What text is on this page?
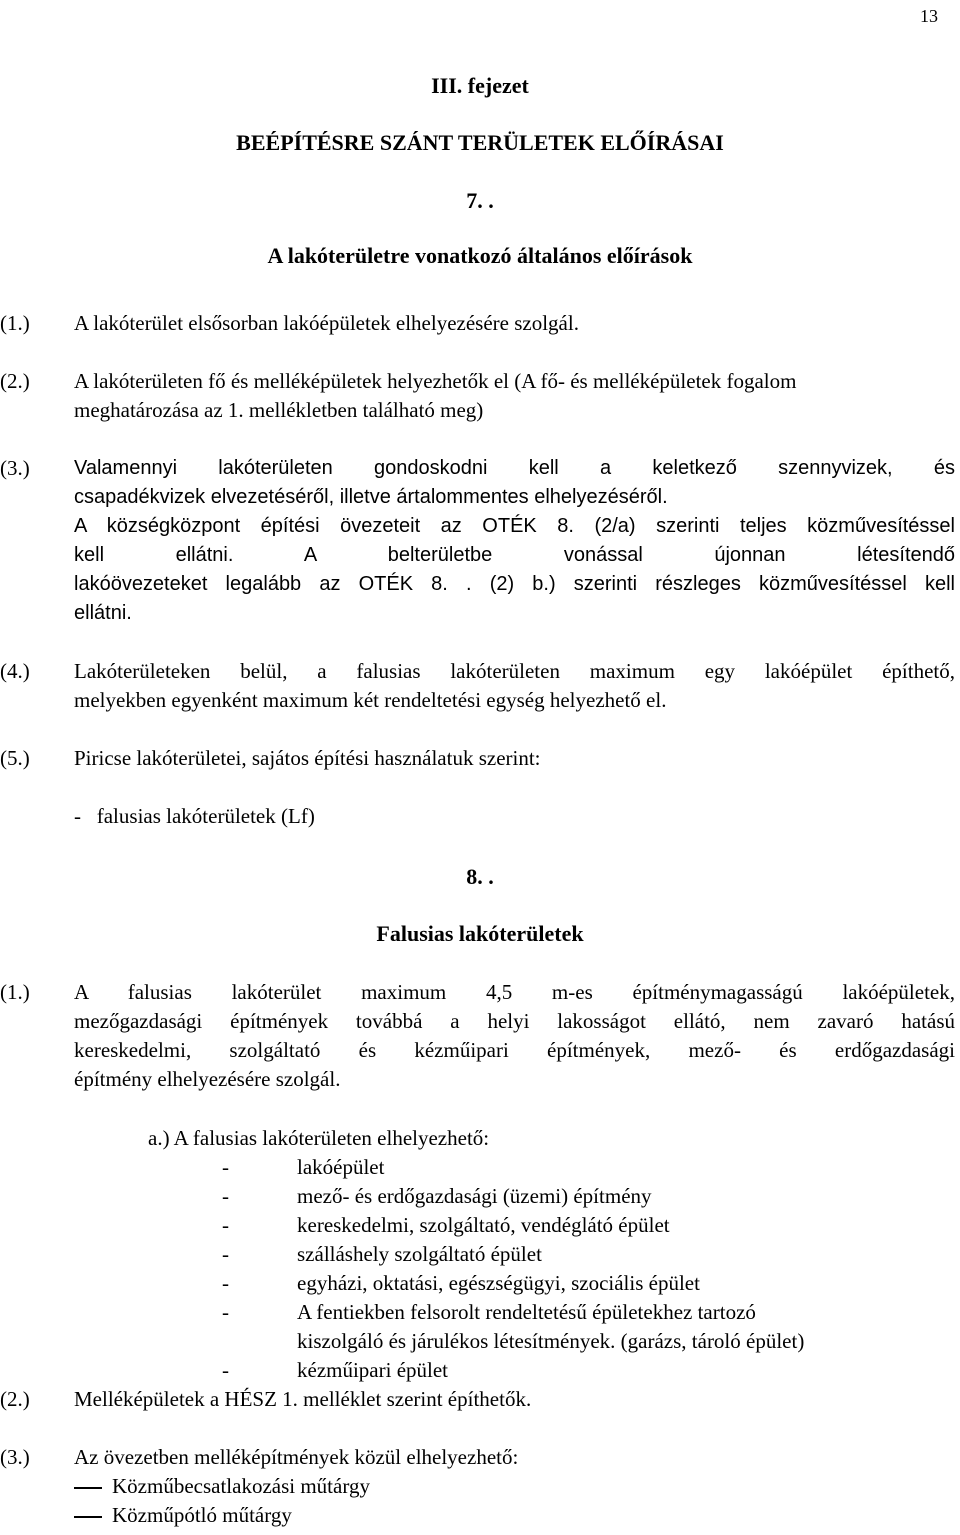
13
III. fejezet
BEÉPÍTÉSRE SZÁNT TERÜLETEK ELŐÍRÁSAI
7. .
A lakóterületre vonatkozó általános előírások
(1.) A lakóterület elsősorban lakóépületek elhelyezésére szolgál.
(2.) A lakóterületen fő és melléképületek helyezhetők el (A fő- és melléképületek fogalom
meghatározása az 1. mellékletben található meg)
(3.) Valamennyi lakóterületen gondoskodni kell a keletkező szennyvizek, és
csapadékvizek elvezetéséről, illetve ártalommentes elhelyezéséről.
A községközpont építési övezeteit az OTÉK 8. (2/a) szerinti teljes közművesítéssel
kell ellátni. A belterületbe vonással újonnan létesítendő
lakóövezeteket legalább az OTÉK 8. . (2) b.) szerinti részleges közművesítéssel kell
ellátni.
(4.) Lakóterületeken belül, a falusias lakóterületen maximum egy lakóépület építhető,
melyekben egyenként maximum két rendeltetési egység helyezhető el.
(5.) Piricse lakóterületei, sajátos építési használatuk szerint:
-   falusias lakóterületek (Lf)
8. .
Falusias lakóterületek
(1.) A falusias lakóterület maximum 4,5 m-es építménymagasságú lakóépületek,
mezőgazdasági építmények továbbá a helyi lakosságot ellátó, nem zavaró hatású
kereskedelmi, szolgáltató és kézműipari építmények, mező- és erdőgazdasági
építmény elhelyezésére szolgál.
a.) A falusias lakóterületen elhelyezhető:
-	lakóépület
-	mező- és erdőgazdasági (üzemi) építmény
-	kereskedelmi, szolgáltató, vendéglátó épület
-	szálláshely szolgáltató épület
-	egyházi, oktatási, egészségügyi, szociális épület
-	A fentiekben felsorolt rendeltetésű épületekhez tartozó
kiszolgáló és járulékos létesítmények. (garázs, tároló épület)
-	kézműipari épület
(2.) Melléképületek a HÉSZ 1. melléklet szerint építhetők.
(3.) Az övezetben melléképítmények közül elhelyezhető:
Közműbecsatlakozási műtárgy
Közműpótló műtárgy
